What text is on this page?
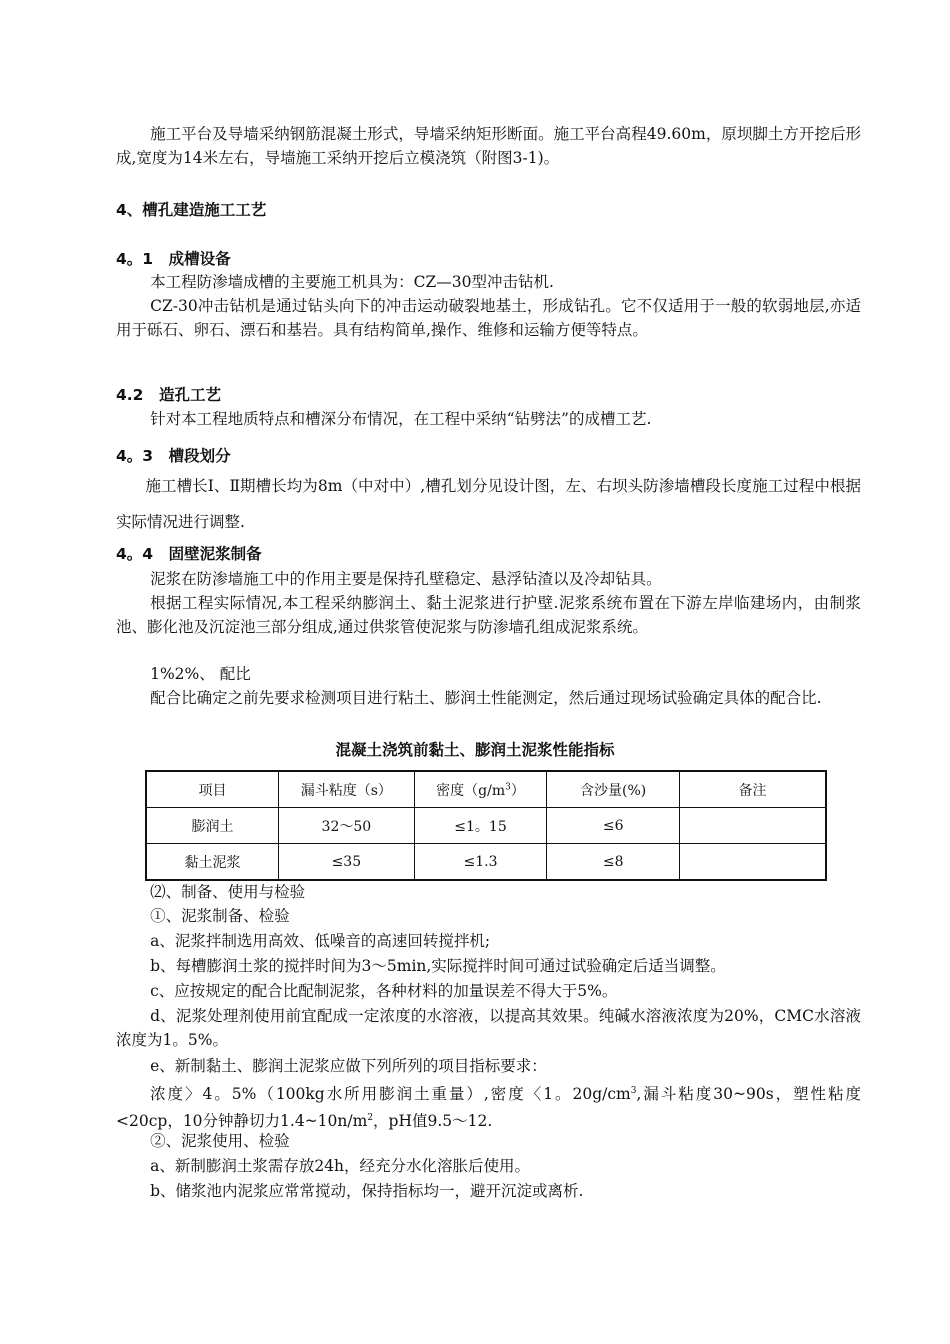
施工平台及导墙采纳钢筋混凝土形式，导墙采纳矩形断面。施工平台高程49.60m，原坝脚土方开挖后形成,宽度为14米左右，导墙施工采纳开挖后立模浇筑（附图3-1)。

4、槽孔建造施工工艺

4。1　成槽设备

本工程防渗墙成槽的主要施工机具为：CZ—30型冲击钻机.

CZ-30冲击钻机是通过钻头向下的冲击运动破裂地基土，形成钻孔。它不仅适用于一般的软弱地层,亦适用于砾石、卵石、漂石和基岩。具有结构简单,操作、维修和运输方便等特点。

4.2　造孔工艺

针对本工程地质特点和槽深分布情况，在工程中采纳“钻劈法”的成槽工艺.

4。3　槽段划分

施工槽长Ⅰ、Ⅱ期槽长均为8m（中对中）,槽孔划分见设计图，左、右坝头防渗墙槽段长度施工过程中根据实际情况进行调整.

4。4　固壁泥浆制备

泥浆在防渗墙施工中的作用主要是保持孔壁稳定、悬浮钻渣以及冷却钻具。

根据工程实际情况,本工程采纳膨润土、黏土泥浆进行护壁.泥浆系统布置在下游左岸临建场内，由制浆池、膨化池及沉淀池三部分组成,通过供浆管使泥浆与防渗墙孔组成泥浆系统。

1%2%、 配比

配合比确定之前先要求检测项目进行粘土、膨润土性能测定，然后通过现场试验确定具体的配合比.

混凝土浇筑前黏土、膨润土泥浆性能指标

项目	漏斗粘度（s）	密度$(g/m^3)$	含沙量(%)	备注
膨润土	32～50	≤1。15	≤6	
黏土泥浆	≤35	≤1.3	≤8	

⑵、制备、使用与检验

①、泥浆制备、检验

a、泥浆拌制选用高效、低噪音的高速回转搅拌机;

b、每槽膨润土浆的搅拌时间为3～5min,实际搅拌时间可通过试验确定后适当调整。

c、应按规定的配合比配制泥浆，各种材料的加量误差不得大于5%。

d、泥浆处理剂使用前宜配成一定浓度的水溶液，以提高其效果。纯碱水溶液浓度为20%，CMC水溶液浓度为1。5%。

e、新制黏土、膨润土泥浆应做下列所列的项目指标要求：

浓度〉4。5%（100kg水所用膨润土重量）,密度〈1。$20g/cm^3$,漏斗粘度30~90s，塑性粘度<20cp，10分钟静切力$1.4\sim 10n/m^2$，pH值9.5～12.

②、泥浆使用、检验

a、新制膨润土浆需存放24h，经充分水化溶胀后使用。

b、储浆池内泥浆应常常搅动，保持指标均一，避开沉淀或离析.
